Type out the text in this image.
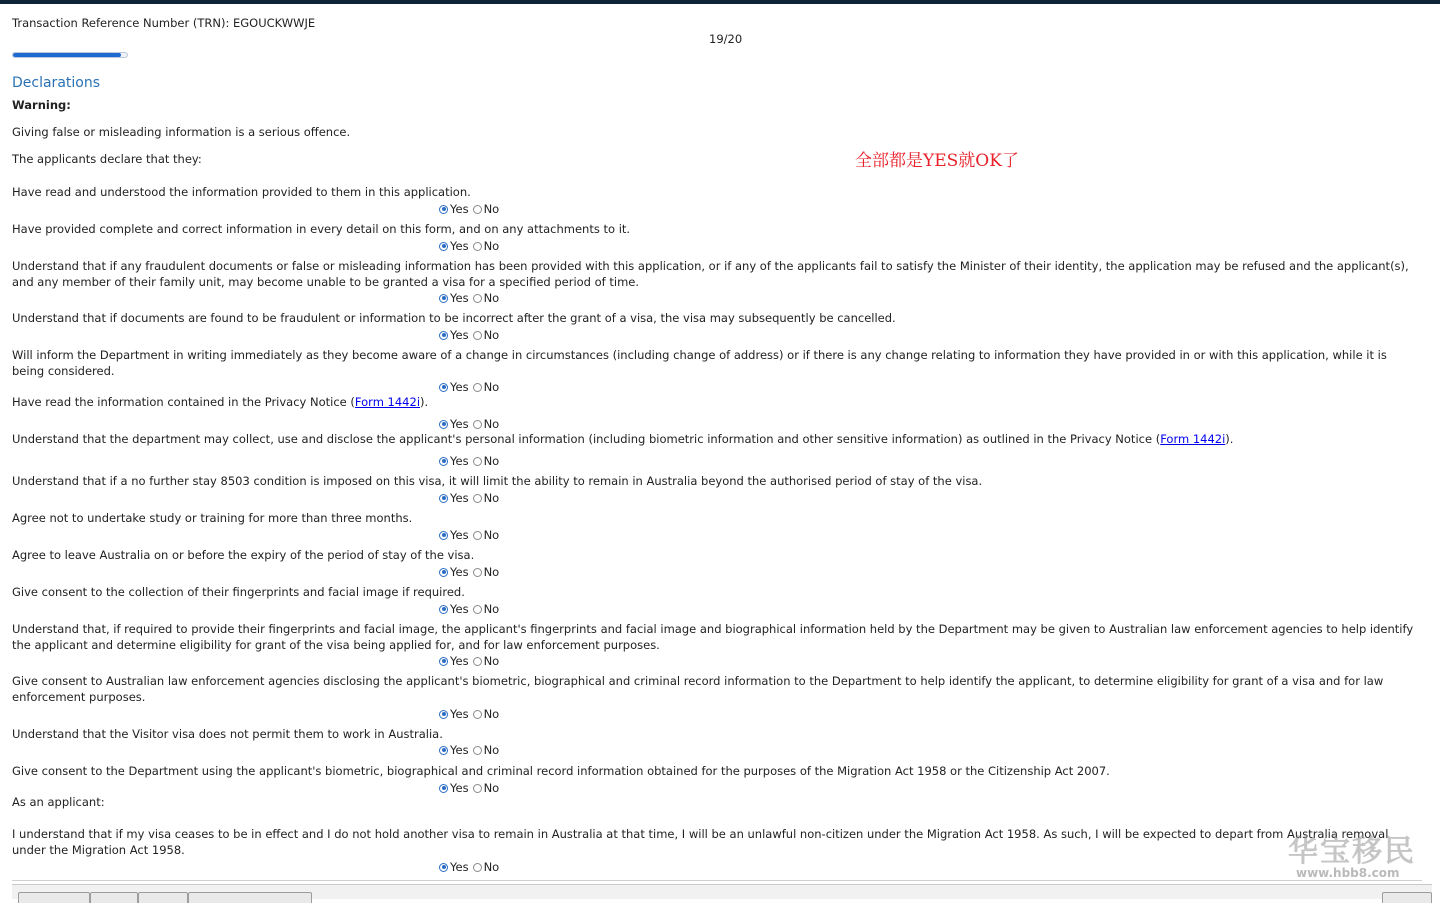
Transaction Reference Number (TRN): EGOUCKWWJE
19/20
Declarations
Warning:
Giving false or misleading information is a serious offence.
The applicants declare that they:
As an applicant:
全部都是YES就OK了
Have read and understood the information provided to them in this application.
Yes No
Have provided complete and correct information in every detail on this form, and on any attachments to it.
Yes No
Understand that if any fraudulent documents or false or misleading information has been provided with this application, or if any of the applicants fail to satisfy the Minister of their identity, the application may be refused and the applicant(s), and any member of their family unit, may become unable to be granted a visa for a specified period of time.
Yes No
Understand that if documents are found to be fraudulent or information to be incorrect after the grant of a visa, the visa may subsequently be cancelled.
Yes No
Will inform the Department in writing immediately as they become aware of a change in circumstances (including change of address) or if there is any change relating to information they have provided in or with this application, while it is being considered.
Yes No
Have read the information contained in the Privacy Notice (Form 1442i).
Yes No
Understand that the department may collect, use and disclose the applicant's personal information (including biometric information and other sensitive information) as outlined in the Privacy Notice (Form 1442i).
Yes No
Understand that if a no further stay 8503 condition is imposed on this visa, it will limit the ability to remain in Australia beyond the authorised period of stay of the visa.
Yes No
Agree not to undertake study or training for more than three months.
Yes No
Agree to leave Australia on or before the expiry of the period of stay of the visa.
Yes No
Give consent to the collection of their fingerprints and facial image if required.
Yes No
Understand that, if required to provide their fingerprints and facial image, the applicant's fingerprints and facial image and biographical information held by the Department may be given to Australian law enforcement agencies to help identify the applicant and determine eligibility for grant of the visa being applied for, and for law enforcement purposes.
Yes No
Give consent to Australian law enforcement agencies disclosing the applicant's biometric, biographical and criminal record information to the Department to help identify the applicant, to determine eligibility for grant of a visa and for law enforcement purposes.
Yes No
Understand that the Visitor visa does not permit them to work in Australia.
Yes No
Give consent to the Department using the applicant's biometric, biographical and criminal record information obtained for the purposes of the Migration Act 1958 or the Citizenship Act 2007.
Yes No
I understand that if my visa ceases to be in effect and I do not hold another visa to remain in Australia at that time, I will be an unlawful non-citizen under the Migration Act 1958. As such, I will be expected to depart from Australia removal under the Migration Act 1958.
Yes No	华宝移民
www.hbb8.com
